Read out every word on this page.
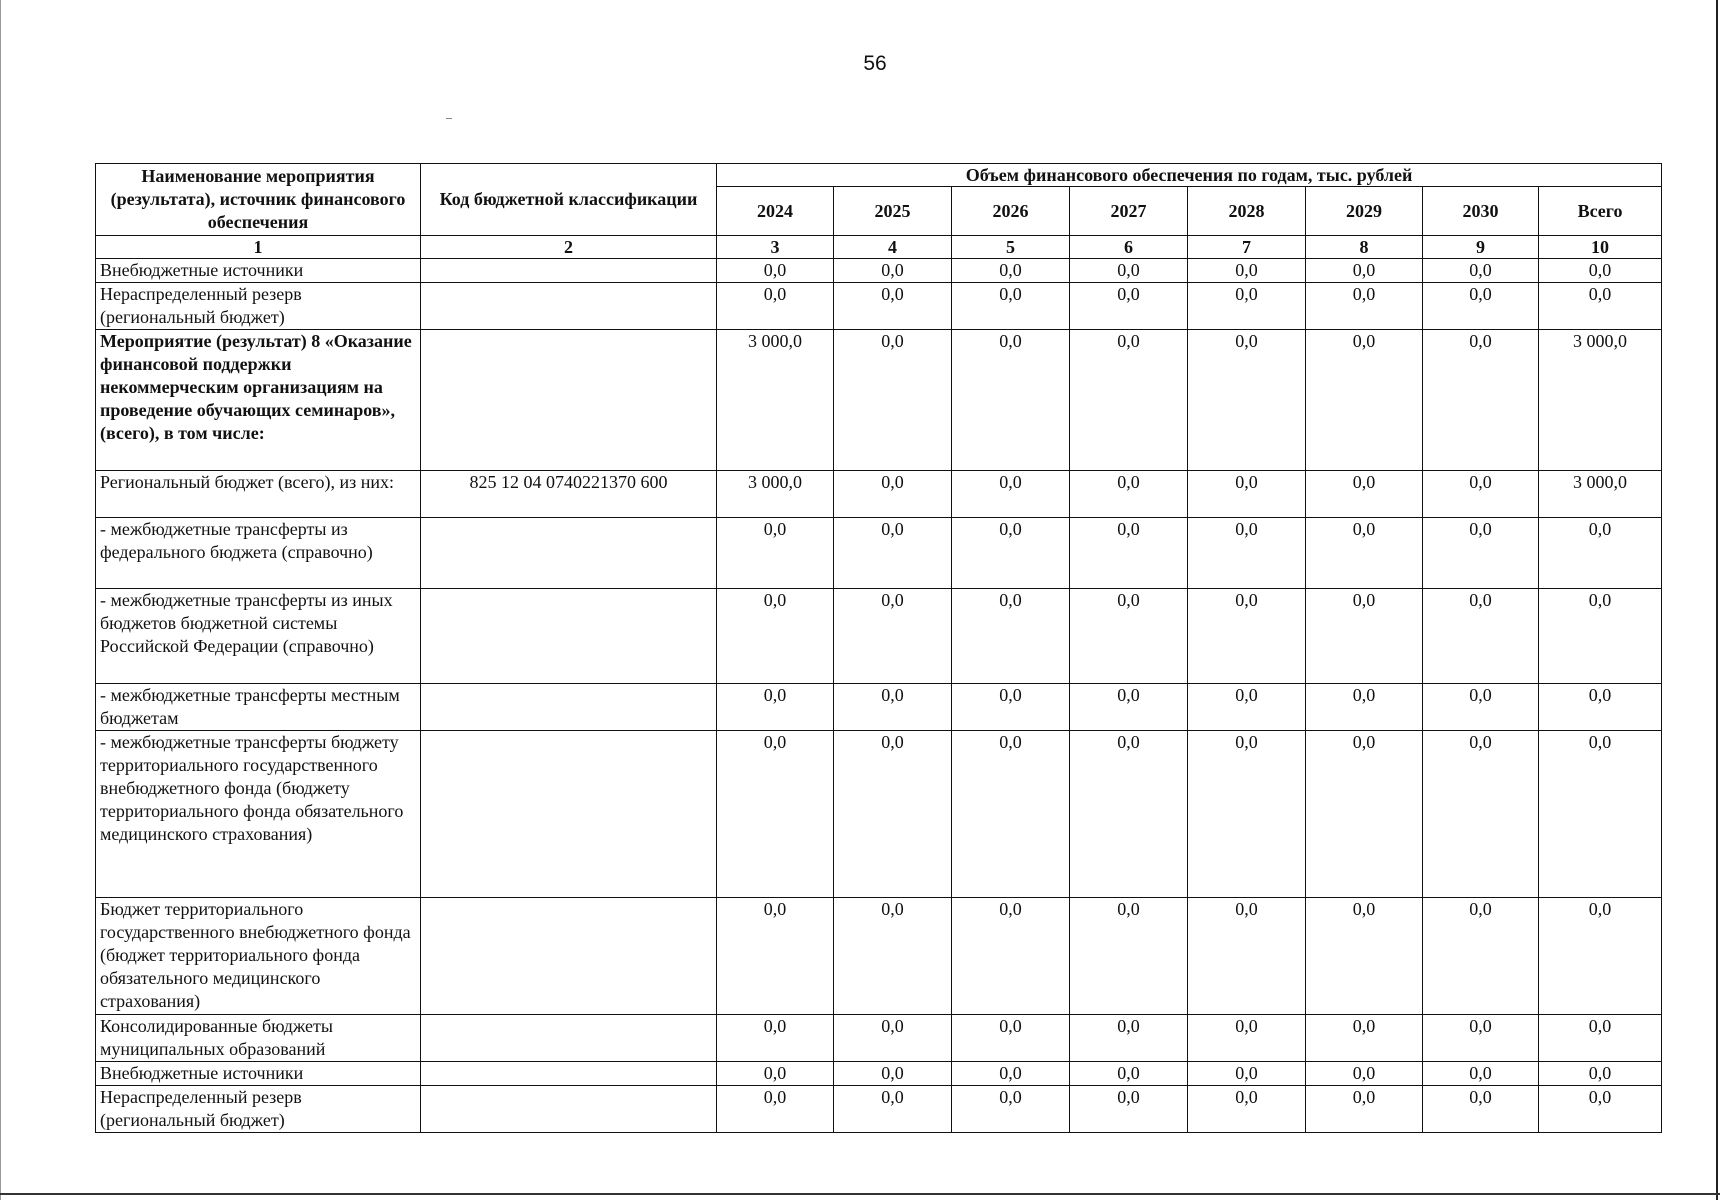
56
Наименование мероприятия (результата), источник финансового обеспечения	Код бюджетной классификации	Объем финансового обеспечения по годам, тыс. рублей							
		2024	2025	2026	2027	2028	2029	2030	Всего
1	2	3	4	5	6	7	8	9	10
Внебюджетные источники		0,0	0,0	0,0	0,0	0,0	0,0	0,0	0,0
Нераспределенный резерв (региональный бюджет)		0,0	0,0	0,0	0,0	0,0	0,0	0,0	0,0
Мероприятие (результат) 8 «Оказание финансовой поддержки некоммерческим организациям на проведение обучающих семинаров», (всего), в том числе:		3 000,0	0,0	0,0	0,0	0,0	0,0	0,0	3 000,0
Региональный бюджет (всего), из них:	825 12 04 0740221370 600	3 000,0	0,0	0,0	0,0	0,0	0,0	0,0	3 000,0
- межбюджетные трансферты из федерального бюджета (справочно)		0,0	0,0	0,0	0,0	0,0	0,0	0,0	0,0
- межбюджетные трансферты из иных бюджетов бюджетной системы Российской Федерации (справочно)		0,0	0,0	0,0	0,0	0,0	0,0	0,0	0,0
- межбюджетные трансферты местным бюджетам		0,0	0,0	0,0	0,0	0,0	0,0	0,0	0,0
- межбюджетные трансферты бюджету территориального государственного внебюджетного фонда (бюджету территориального фонда обязательного медицинского страхования)		0,0	0,0	0,0	0,0	0,0	0,0	0,0	0,0
Бюджет территориального государственного внебюджетного фонда (бюджет территориального фонда обязательного медицинского страхования)		0,0	0,0	0,0	0,0	0,0	0,0	0,0	0,0
Консолидированные бюджеты муниципальных образований		0,0	0,0	0,0	0,0	0,0	0,0	0,0	0,0
Внебюджетные источники		0,0	0,0	0,0	0,0	0,0	0,0	0,0	0,0
Нераспределенный резерв (региональный бюджет)		0,0	0,0	0,0	0,0	0,0	0,0	0,0	0,0
